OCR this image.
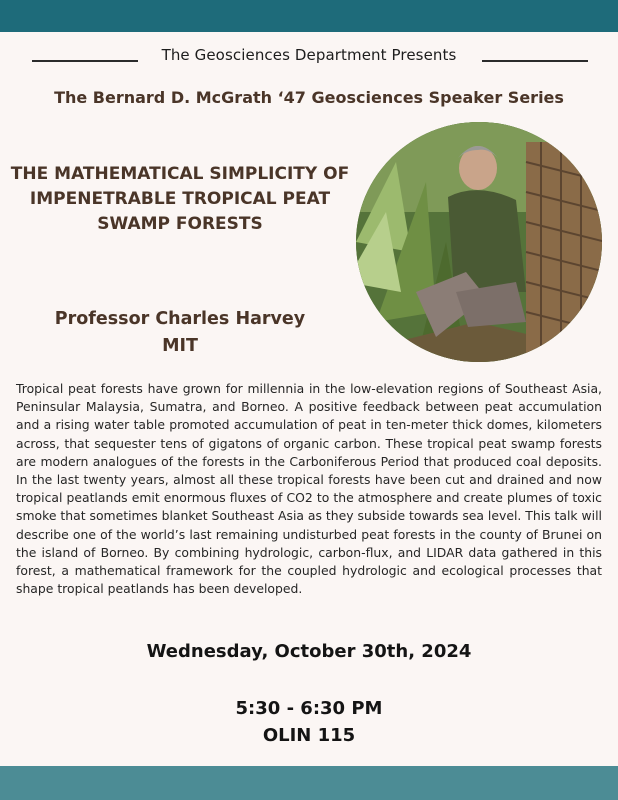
The Geosciences Department Presents
The Bernard D. McGrath ‘47 Geosciences Speaker Series
THE MATHEMATICAL SIMPLICITY OF IMPENETRABLE TROPICAL PEAT SWAMP FORESTS
Professor Charles Harvey
MIT
Tropical peat forests have grown for millennia in the low-elevation regions of Southeast Asia, Peninsular Malaysia, Sumatra, and Borneo. A positive feedback between peat accumulation and a rising water table promoted accumulation of peat in ten-meter thick domes, kilometers across, that sequester tens of gigatons of organic carbon. These tropical peat swamp forests are modern analogues of the forests in the Carboniferous Period that produced coal deposits. In the last twenty years, almost all these tropical forests have been cut and drained and now tropical peatlands emit enormous fluxes of CO2 to the atmosphere and create plumes of toxic smoke that sometimes blanket Southeast Asia as they subside towards sea level. This talk will describe one of the world’s last remaining undisturbed peat forests in the county of Brunei on the island of Borneo. By combining hydrologic, carbon-flux, and LIDAR data gathered in this forest, a mathematical framework for the coupled hydrologic and ecological processes that shape tropical peatlands has been developed.
Wednesday, October 30th, 2024
5:30 - 6:30 PM
OLIN 115
